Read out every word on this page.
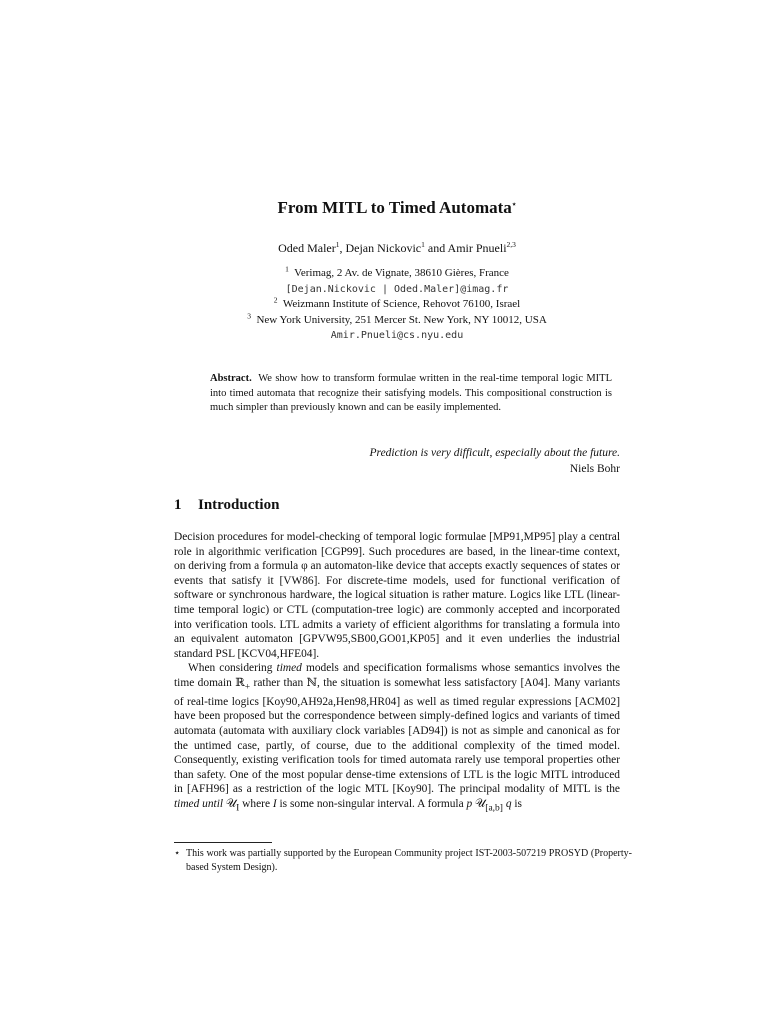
From MITL to Timed Automata⋆
Oded Maler$^1$, Dejan Nickovic$^1$ and Amir Pnueli$^{2,3}$
$^1$ Verimag, 2 Av. de Vignate, 38610 Gières, France
[Dejan.Nickovic | Oded.Maler]@imag.fr
$^2$ Weizmann Institute of Science, Rehovot 76100, Israel
$^3$ New York University, 251 Mercer St. New York, NY 10012, USA
Amir.Pnueli@cs.nyu.edu

Abstract. We show how to transform formulae written in the real-time temporal logic MITL into timed automata that recognize their satisfying models. This compositional construction is much simpler than previously known and can be easily implemented.

Prediction is very difficult, especially about the future.
Niels Bohr
1 Introduction

Decision procedures for model-checking of temporal logic formulae [MP91,MP95] play a central role in algorithmic verification [CGP99]. Such procedures are based, in the linear-time context, on deriving from a formula φ an automaton-like device that accepts exactly sequences of states or events that satisfy it [VW86]. For discrete-time models, used for functional verification of software or synchronous hardware, the logical situation is rather mature. Logics like LTL (linear-time temporal logic) or CTL (computation-tree logic) are commonly accepted and incorporated into verification tools. LTL admits a variety of efficient algorithms for translating a formula into an equivalent automaton [GPVW95,SB00,GO01,KP05] and it even underlies the industrial standard PSL [KCV04,HFE04].

When considering timed models and specification formalisms whose semantics involves the time domain ℝ$_+$ rather than ℕ, the situation is somewhat less satisfactory [A04]. Many variants of real-time logics [Koy90,AH92a,Hen98,HR04] as well as timed regular expressions [ACM02] have been proposed but the correspondence between simply-defined logics and variants of timed automata (automata with auxiliary clock variables [AD94]) is not as simple and canonical as for the untimed case, partly, of course, due to the additional complexity of the timed model. Consequently, existing verification tools for timed automata rarely use temporal properties other than safety. One of the most popular dense-time extensions of LTL is the logic MITL introduced in [AFH96] as a restriction of the logic MTL [Koy90]. The principal modality of MITL is the timed until 𝒰$_I$ where I is some non-singular interval. A formula p 𝒰$_{[a,b]}$ q is

⋆ This work was partially supported by the European Community project IST-2003-507219 PROSYD (Property-based System Design).
